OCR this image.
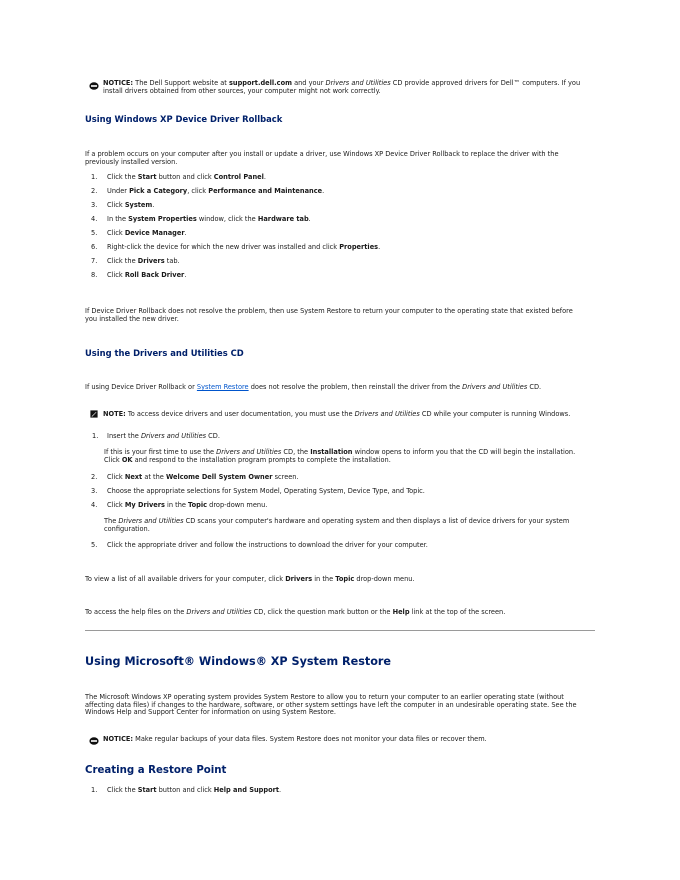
NOTICE: The Dell Support website at support.dell.com and your Drivers and Utilities CD provide approved drivers for Dell™ computers. If you install drivers obtained from other sources, your computer might not work correctly.

Using Windows XP Device Driver Rollback

If a problem occurs on your computer after you install or update a driver, use Windows XP Device Driver Rollback to replace the driver with the previously installed version.

1.	Click the Start button and click Control Panel.
2.	Under Pick a Category, click Performance and Maintenance.
3.	Click System.
4.	In the System Properties window, click the Hardware tab.
5.	Click Device Manager.
6.	Right-click the device for which the new driver was installed and click Properties.
7.	Click the Drivers tab.
8.	Click Roll Back Driver.

If Device Driver Rollback does not resolve the problem, then use System Restore to return your computer to the operating state that existed before you installed the new driver.

Using the Drivers and Utilities CD

If using Device Driver Rollback or System Restore does not resolve the problem, then reinstall the driver from the Drivers and Utilities CD.

NOTE: To access device drivers and user documentation, you must use the Drivers and Utilities CD while your computer is running Windows.

1.	Insert the Drivers and Utilities CD.

If this is your first time to use the Drivers and Utilities CD, the Installation window opens to inform you that the CD will begin the installation. Click OK and respond to the installation program prompts to complete the installation.

2.	Click Next at the Welcome Dell System Owner screen.
3.	Choose the appropriate selections for System Model, Operating System, Device Type, and Topic.
4.	Click My Drivers in the Topic drop-down menu.

The Drivers and Utilities CD scans your computer's hardware and operating system and then displays a list of device drivers for your system configuration.

5.	Click the appropriate driver and follow the instructions to download the driver for your computer.

To view a list of all available drivers for your computer, click Drivers in the Topic drop-down menu.

To access the help files on the Drivers and Utilities CD, click the question mark button or the Help link at the top of the screen.

Using Microsoft® Windows® XP System Restore

The Microsoft Windows XP operating system provides System Restore to allow you to return your computer to an earlier operating state (without affecting data files) if changes to the hardware, software, or other system settings have left the computer in an undesirable operating state. See the Windows Help and Support Center for information on using System Restore.

NOTICE: Make regular backups of your data files. System Restore does not monitor your data files or recover them.

Creating a Restore Point
1.	Click the Start button and click Help and Support.
